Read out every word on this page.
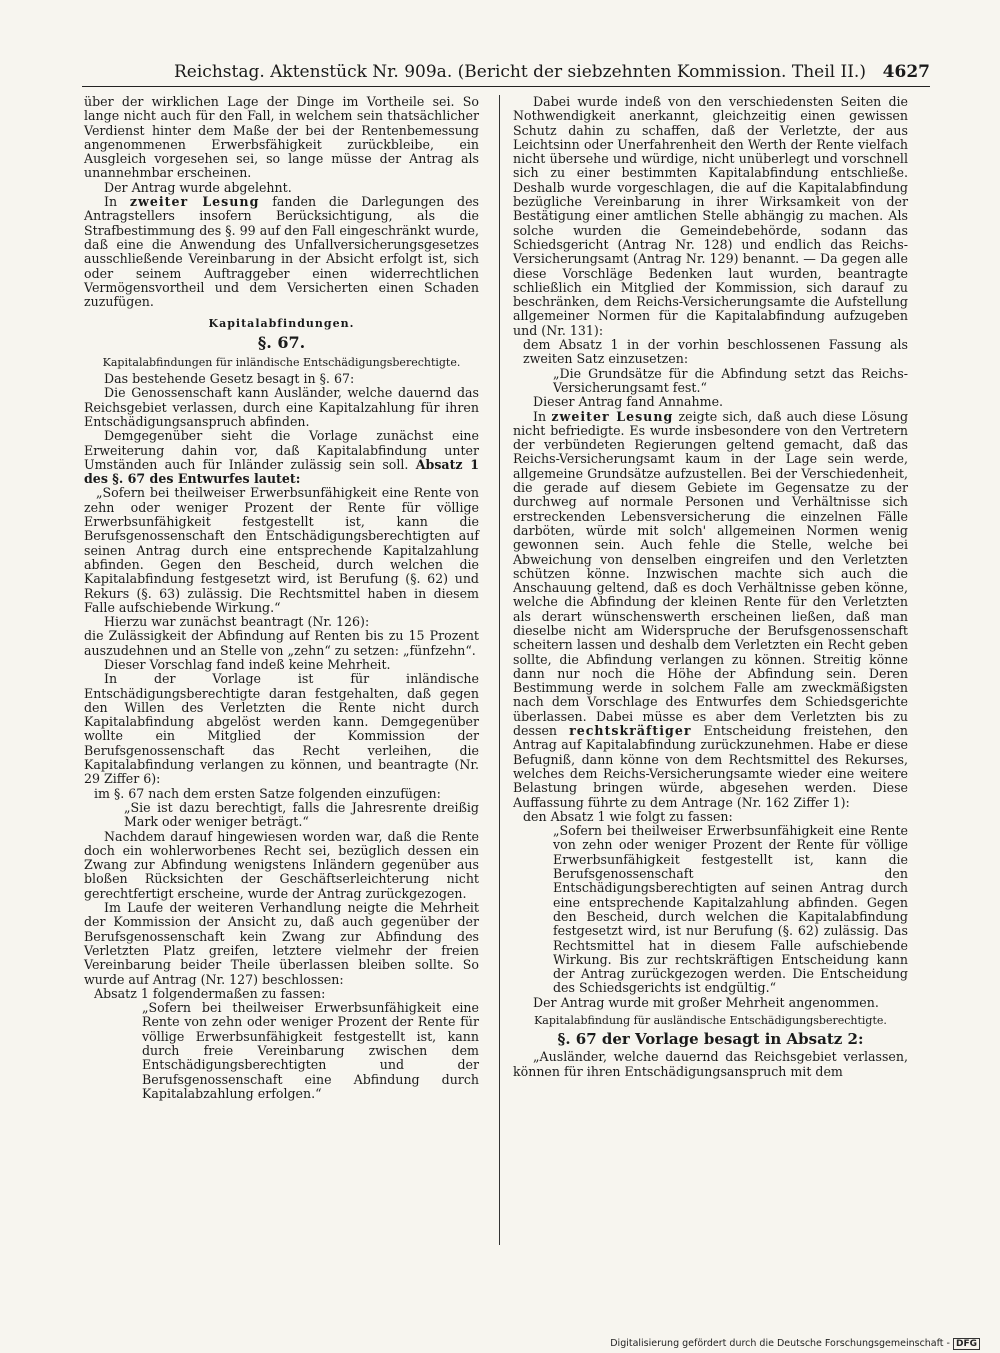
Reichstag. Aktenstück Nr. 909a. (Bericht der siebzehnten Kommission. Theil II.) 4627

über der wirklichen Lage der Dinge im Vortheile sei. So lange nicht auch für den Fall, in welchem sein thatsächlicher Verdienst hinter dem Maße der bei der Rentenbemessung angenommenen Erwerbsfähigkeit zurückbleibe, ein Ausgleich vorgesehen sei, so lange müsse der Antrag als unannehmbar erscheinen.

Der Antrag wurde abgelehnt.

In zweiter Lesung fanden die Darlegungen des Antragstellers insofern Berücksichtigung, als die Strafbestimmung des §. 99 auf den Fall eingeschränkt wurde, daß eine die Anwendung des Unfallversicherungsgesetzes ausschließende Vereinbarung in der Absicht erfolgt ist, sich oder seinem Auftraggeber einen widerrechtlichen Vermögensvortheil und dem Versicherten einen Schaden zuzufügen.

Kapitalabfindungen.
§. 67.
Kapitalabfindungen für inländische Entschädigungsberechtigte.

Das bestehende Gesetz besagt in §. 67:

Die Genossenschaft kann Ausländer, welche dauernd das Reichsgebiet verlassen, durch eine Kapitalzahlung für ihren Entschädigungsanspruch abfinden.

Demgegenüber sieht die Vorlage zunächst eine Erweiterung dahin vor, daß Kapitalabfindung unter Umständen auch für Inländer zulässig sein soll. Absatz 1 des §. 67 des Entwurfes lautet:

„Sofern bei theilweiser Erwerbsunfähigkeit eine Rente von zehn oder weniger Prozent der Rente für völlige Erwerbsunfähigkeit festgestellt ist, kann die Berufsgenossenschaft den Entschädigungsberechtigten auf seinen Antrag durch eine entsprechende Kapitalzahlung abfinden. Gegen den Bescheid, durch welchen die Kapitalabfindung festgesetzt wird, ist Berufung (§. 62) und Rekurs (§. 63) zulässig. Die Rechtsmittel haben in diesem Falle aufschiebende Wirkung.“

Hierzu war zunächst beantragt (Nr. 126):

die Zulässigkeit der Abfindung auf Renten bis zu 15 Prozent auszudehnen und an Stelle von „zehn“ zu setzen: „fünfzehn“.

Dieser Vorschlag fand indeß keine Mehrheit.

In der Vorlage ist für inländische Entschädigungsberechtigte daran festgehalten, daß gegen den Willen des Verletzten die Rente nicht durch Kapitalabfindung abgelöst werden kann. Demgegenüber wollte ein Mitglied der Kommission der Berufsgenossenschaft das Recht verleihen, die Kapitalabfindung verlangen zu können, und beantragte (Nr. 29 Ziffer 6):

im §. 67 nach dem ersten Satze folgenden einzufügen:

„Sie ist dazu berechtigt, falls die Jahresrente dreißig Mark oder weniger beträgt.“

Nachdem darauf hingewiesen worden war, daß die Rente doch ein wohlerworbenes Recht sei, bezüglich dessen ein Zwang zur Abfindung wenigstens Inländern gegenüber aus bloßen Rücksichten der Geschäftserleichterung nicht gerechtfertigt erscheine, wurde der Antrag zurückgezogen.

Im Laufe der weiteren Verhandlung neigte die Mehrheit der Kommission der Ansicht zu, daß auch gegenüber der Berufsgenossenschaft kein Zwang zur Abfindung des Verletzten Platz greifen, letztere vielmehr der freien Vereinbarung beider Theile überlassen bleiben sollte. So wurde auf Antrag (Nr. 127) beschlossen:

Absatz 1 folgendermaßen zu fassen:

„Sofern bei theilweiser Erwerbsunfähigkeit eine Rente von zehn oder weniger Prozent der Rente für völlige Erwerbsunfähigkeit festgestellt ist, kann durch freie Vereinbarung zwischen dem Entschädigungsberechtigten und der Berufsgenossenschaft eine Abfindung durch Kapitalabzahlung erfolgen.“

Dabei wurde indeß von den verschiedensten Seiten die Nothwendigkeit anerkannt, gleichzeitig einen gewissen Schutz dahin zu schaffen, daß der Verletzte, der aus Leichtsinn oder Unerfahrenheit den Werth der Rente vielfach nicht übersehe und würdige, nicht unüberlegt und vorschnell sich zu einer bestimmten Kapitalabfindung entschließe. Deshalb wurde vorgeschlagen, die auf die Kapitalabfindung bezügliche Vereinbarung in ihrer Wirksamkeit von der Bestätigung einer amtlichen Stelle abhängig zu machen. Als solche wurden die Gemeindebehörde, sodann das Schiedsgericht (Antrag Nr. 128) und endlich das Reichs-Versicherungsamt (Antrag Nr. 129) benannt. — Da gegen alle diese Vorschläge Bedenken laut wurden, beantragte schließlich ein Mitglied der Kommission, sich darauf zu beschränken, dem Reichs-Versicherungsamte die Aufstellung allgemeiner Normen für die Kapitalabfindung aufzugeben und (Nr. 131):

dem Absatz 1 in der vorhin beschlossenen Fassung als zweiten Satz einzusetzen:

„Die Grundsätze für die Abfindung setzt das Reichs-Versicherungsamt fest.“

Dieser Antrag fand Annahme.

In zweiter Lesung zeigte sich, daß auch diese Lösung nicht befriedigte. Es wurde insbesondere von den Vertretern der verbündeten Regierungen geltend gemacht, daß das Reichs-Versicherungsamt kaum in der Lage sein werde, allgemeine Grundsätze aufzustellen. Bei der Verschiedenheit, die gerade auf diesem Gebiete im Gegensatze zu der durchweg auf normale Personen und Verhältnisse sich erstreckenden Lebensversicherung die einzelnen Fälle darböten, würde mit solch' allgemeinen Normen wenig gewonnen sein. Auch fehle die Stelle, welche bei Abweichung von denselben eingreifen und den Verletzten schützen könne. Inzwischen machte sich auch die Anschauung geltend, daß es doch Verhältnisse geben könne, welche die Abfindung der kleinen Rente für den Verletzten als derart wünschenswerth erscheinen ließen, daß man dieselbe nicht am Widerspruche der Berufsgenossenschaft scheitern lassen und deshalb dem Verletzten ein Recht geben sollte, die Abfindung verlangen zu können. Streitig könne dann nur noch die Höhe der Abfindung sein. Deren Bestimmung werde in solchem Falle am zweckmäßigsten nach dem Vorschlage des Entwurfes dem Schiedsgerichte überlassen. Dabei müsse es aber dem Verletzten bis zu dessen rechtskräftiger Entscheidung freistehen, den Antrag auf Kapitalabfindung zurückzunehmen. Habe er diese Befugniß, dann könne von dem Rechtsmittel des Rekurses, welches dem Reichs-Versicherungsamte wieder eine weitere Belastung bringen würde, abgesehen werden. Diese Auffassung führte zu dem Antrage (Nr. 162 Ziffer 1):

den Absatz 1 wie folgt zu fassen:

„Sofern bei theilweiser Erwerbsunfähigkeit eine Rente von zehn oder weniger Prozent der Rente für völlige Erwerbsunfähigkeit festgestellt ist, kann die Berufsgenossenschaft den Entschädigungsberechtigten auf seinen Antrag durch eine entsprechende Kapitalzahlung abfinden. Gegen den Bescheid, durch welchen die Kapitalabfindung festgesetzt wird, ist nur Berufung (§. 62) zulässig. Das Rechtsmittel hat in diesem Falle aufschiebende Wirkung. Bis zur rechtskräftigen Entscheidung kann der Antrag zurückgezogen werden. Die Entscheidung des Schiedsgerichts ist endgültig.“

Der Antrag wurde mit großer Mehrheit angenommen.

Kapitalabfindung für ausländische Entschädigungsberechtigte.
§. 67 der Vorlage besagt in Absatz 2:

„Ausländer, welche dauernd das Reichsgebiet verlassen, können für ihren Entschädigungsanspruch mit dem

Digitalisierung gefördert durch die Deutsche Forschungsgemeinschaft - DFG
